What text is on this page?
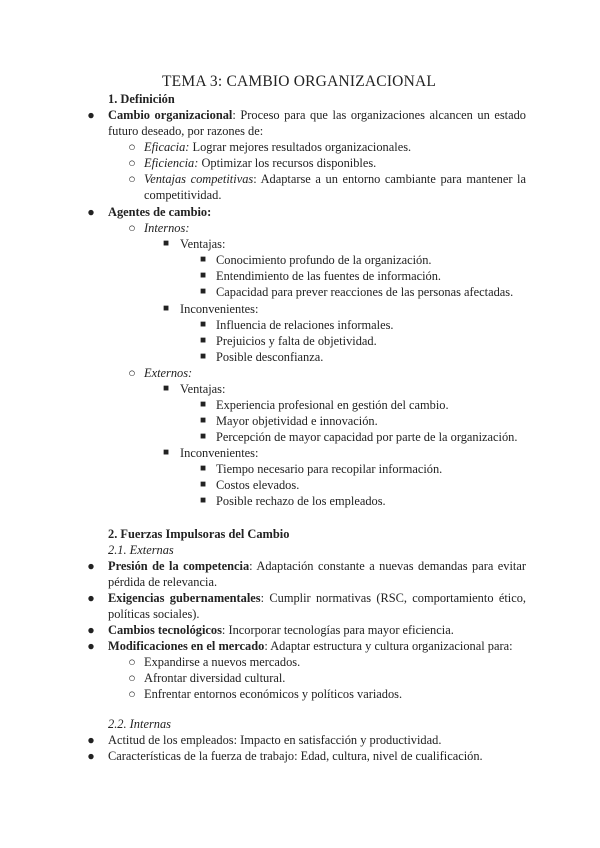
TEMA 3: CAMBIO ORGANIZACIONAL
1. Definición
● Cambio organizacional: Proceso para que las organizaciones alcancen un estado
futuro deseado, por razones de:
○ Eficacia: Lograr mejores resultados organizacionales.
○ Eficiencia: Optimizar los recursos disponibles.
○ Ventajas competitivas: Adaptarse a un entorno cambiante para mantener la
competitividad.
● Agentes de cambio:
○ Internos:
■ Ventajas:
■ Conocimiento profundo de la organización.
■ Entendimiento de las fuentes de información.
■ Capacidad para prever reacciones de las personas afectadas.
■ Inconvenientes:
■ Influencia de relaciones informales.
■ Prejuicios y falta de objetividad.
■ Posible desconfianza.
○ Externos:
■ Ventajas:
■ Experiencia profesional en gestión del cambio.
■ Mayor objetividad e innovación.
■ Percepción de mayor capacidad por parte de la organización.
■ Inconvenientes:
■ Tiempo necesario para recopilar información.
■ Costos elevados.
■ Posible rechazo de los empleados.
2. Fuerzas Impulsoras del Cambio
2.1. Externas
● Presión de la competencia: Adaptación constante a nuevas demandas para evitar
pérdida de relevancia.
● Exigencias gubernamentales: Cumplir normativas (RSC, comportamiento ético,
políticas sociales).
● Cambios tecnológicos: Incorporar tecnologías para mayor eficiencia.
● Modificaciones en el mercado: Adaptar estructura y cultura organizacional para:
○ Expandirse a nuevos mercados.
○ Afrontar diversidad cultural.
○ Enfrentar entornos económicos y políticos variados.
2.2. Internas
● Actitud de los empleados: Impacto en satisfacción y productividad.
● Características de la fuerza de trabajo: Edad, cultura, nivel de cualificación.
